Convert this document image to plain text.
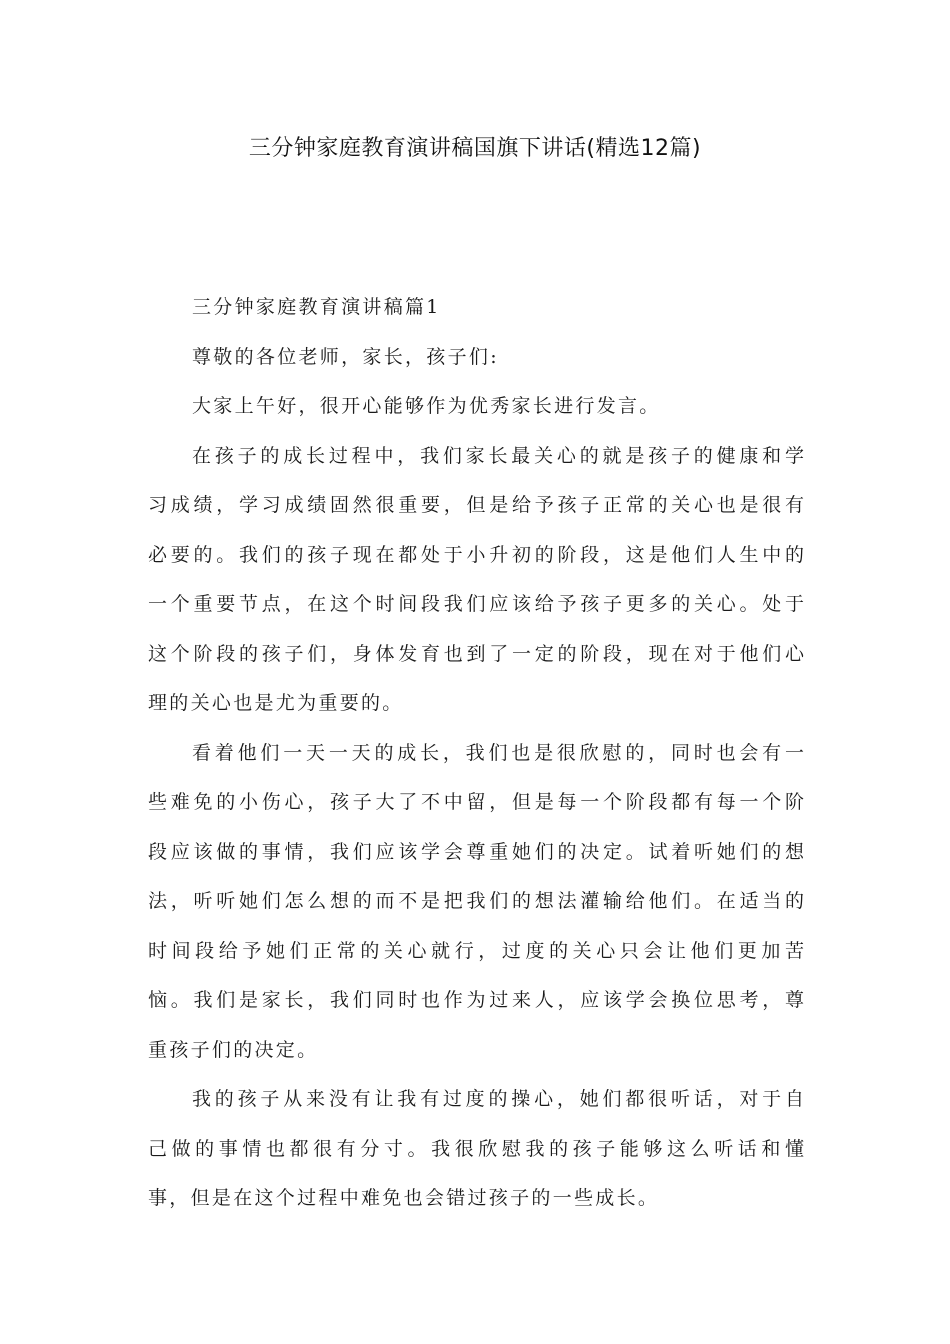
三分钟家庭教育演讲稿国旗下讲话(精选12篇)
三分钟家庭教育演讲稿篇1
尊敬的各位老师，家长，孩子们:
大家上午好，很开心能够作为优秀家长进行发言。
在孩子的成长过程中，我们家长最关心的就是孩子的健康和学
习成绩，学习成绩固然很重要，但是给予孩子正常的关心也是很有
必要的。我们的孩子现在都处于小升初的阶段，这是他们人生中的
一个重要节点，在这个时间段我们应该给予孩子更多的关心。处于
这个阶段的孩子们，身体发育也到了一定的阶段，现在对于他们心
理的关心也是尤为重要的。
看着他们一天一天的成长，我们也是很欣慰的，同时也会有一
些难免的小伤心，孩子大了不中留，但是每一个阶段都有每一个阶
段应该做的事情，我们应该学会尊重她们的决定。试着听她们的想
法，听听她们怎么想的而不是把我们的想法灌输给他们。在适当的
时间段给予她们正常的关心就行，过度的关心只会让他们更加苦
恼。我们是家长，我们同时也作为过来人，应该学会换位思考，尊
重孩子们的决定。
我的孩子从来没有让我有过度的操心，她们都很听话，对于自
己做的事情也都很有分寸。我很欣慰我的孩子能够这么听话和懂
事，但是在这个过程中难免也会错过孩子的一些成长。
